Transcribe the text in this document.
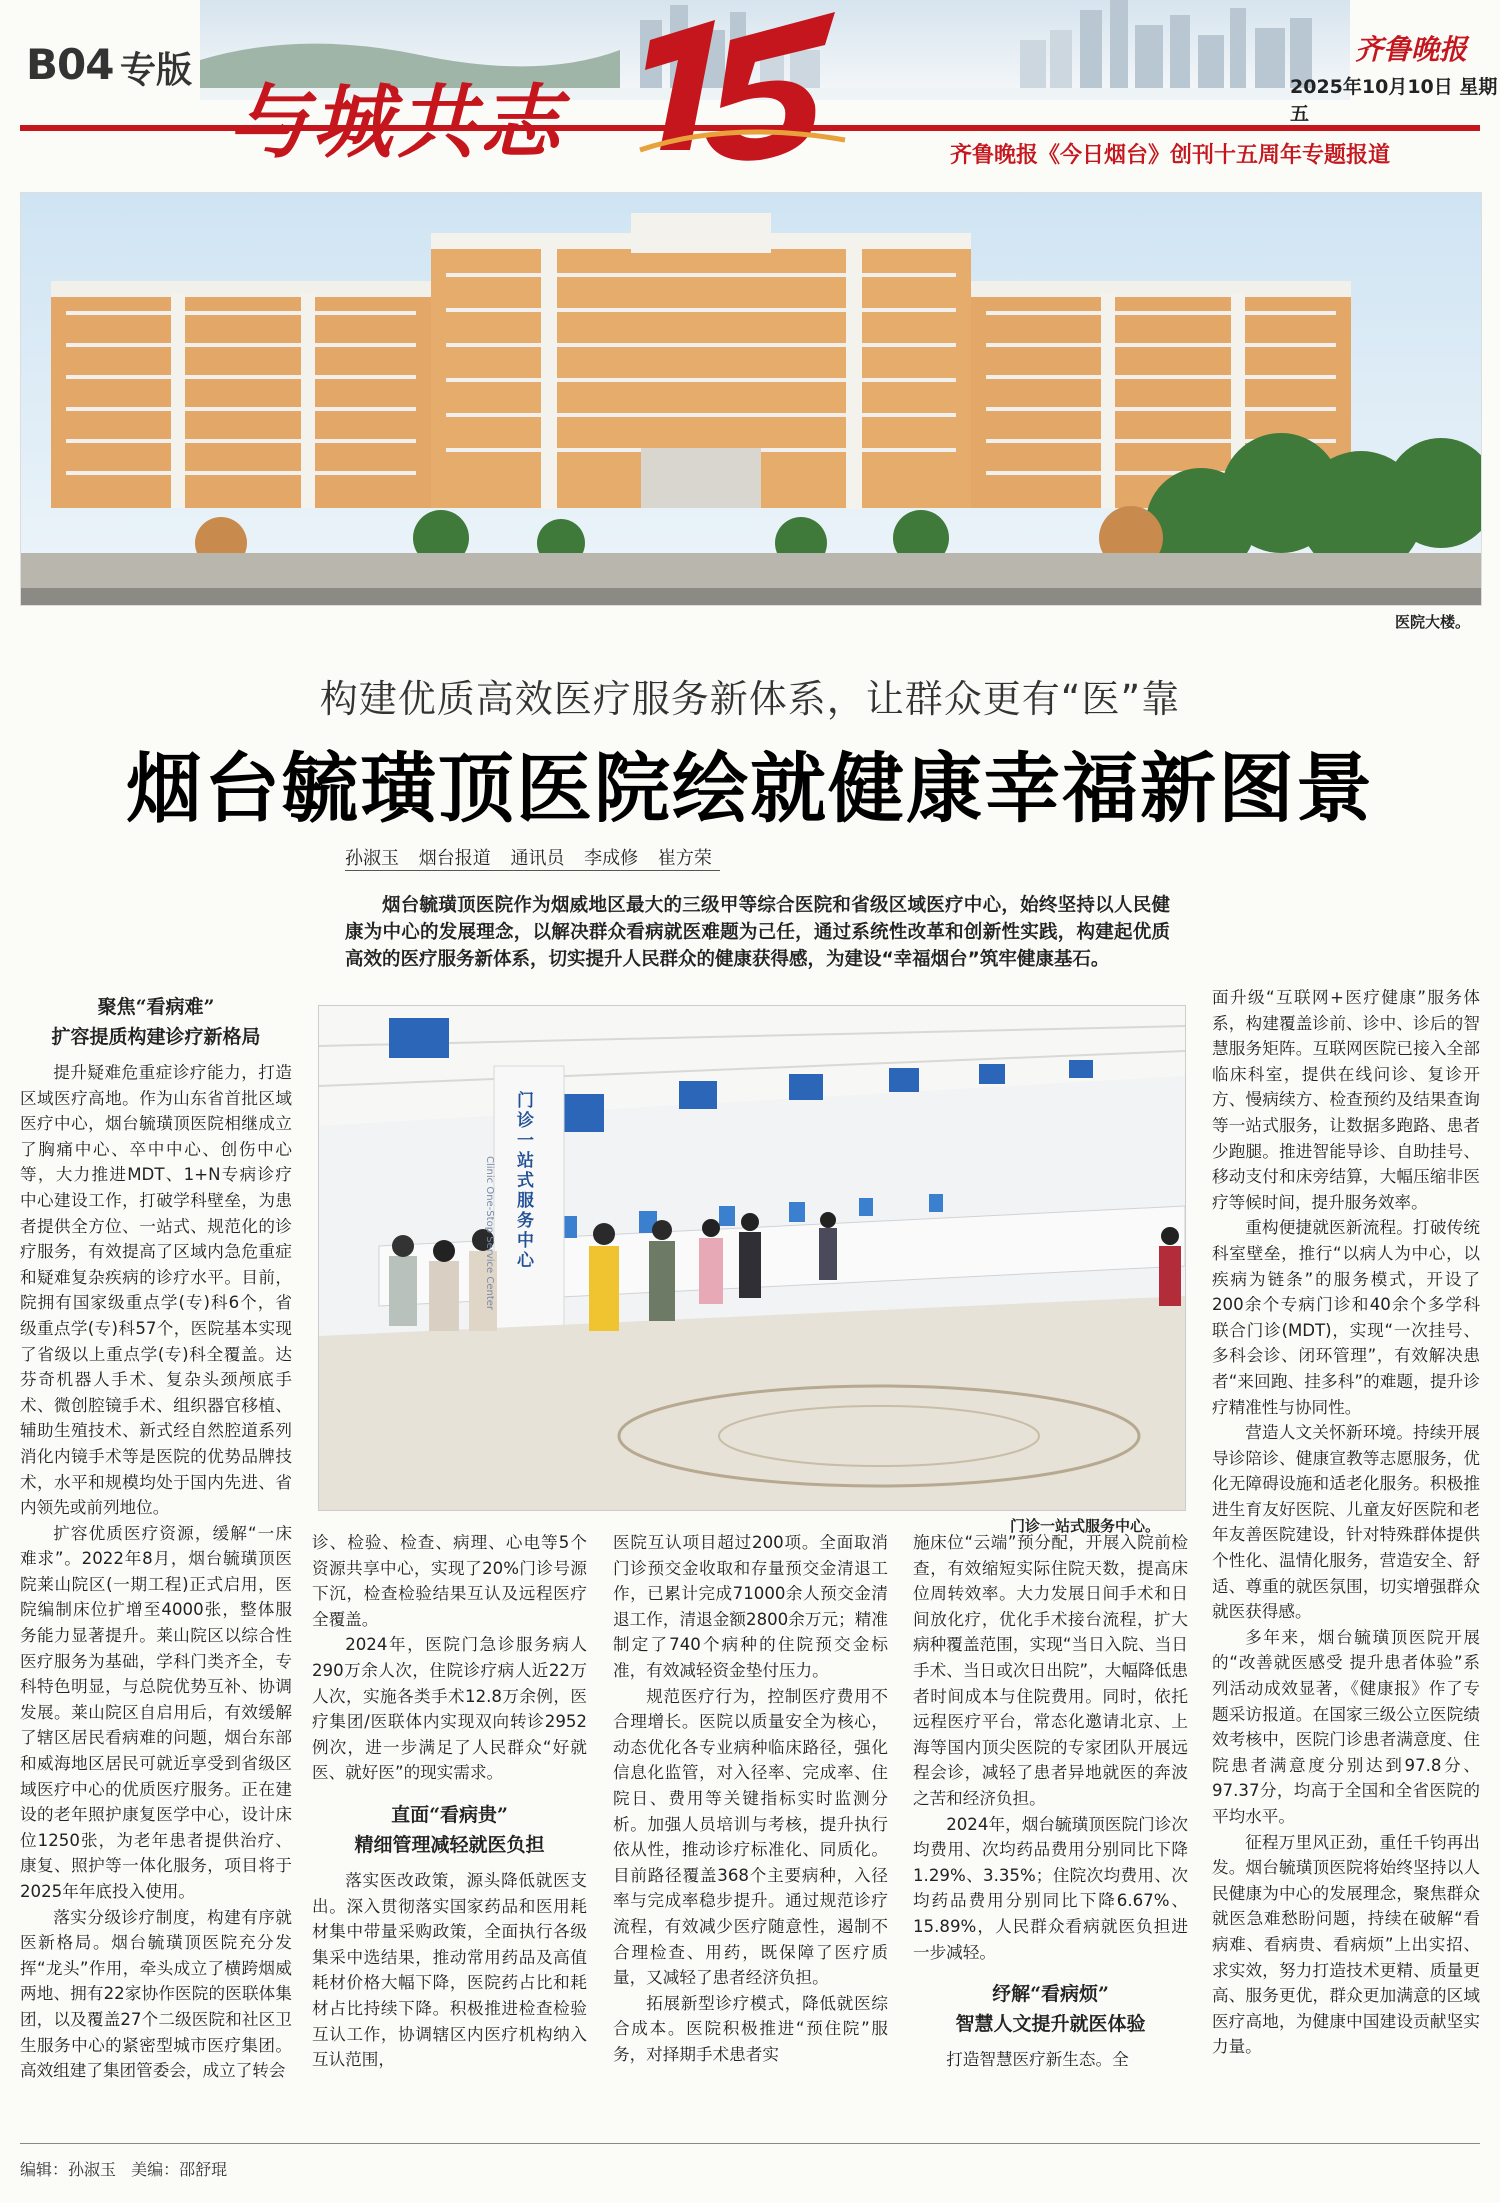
B04 专版
与城共志
齐鲁晚报
2025年10月10日 星期五
齐鲁晚报《今日烟台》创刊十五周年专题报道
医院大楼。
构建优质高效医疗服务新体系，让群众更有“医”靠
烟台毓璜顶医院绘就健康幸福新图景
孙淑玉 烟台报道 通讯员 李成修 崔方荣
烟台毓璜顶医院作为烟威地区最大的三级甲等综合医院和省级区域医疗中心，始终坚持以人民健康为中心的发展理念，以解决群众看病就医难题为己任，通过系统性改革和创新性实践，构建起优质高效的医疗服务新体系，切实提升人民群众的健康获得感，为建设“幸福烟台”筑牢健康基石。

聚焦“看病难”

扩容提质构建诊疗新格局

提升疑难危重症诊疗能力，打造区域医疗高地。作为山东省首批区域医疗中心，烟台毓璜顶医院相继成立了胸痛中心、卒中中心、创伤中心等，大力推进MDT、1+N专病诊疗中心建设工作，打破学科壁垒，为患者提供全方位、一站式、规范化的诊疗服务，有效提高了区域内急危重症和疑难复杂疾病的诊疗水平。目前，院拥有国家级重点学(专)科6个，省级重点学(专)科57个，医院基本实现了省级以上重点学(专)科全覆盖。达芬奇机器人手术、复杂头颈颅底手术、微创腔镜手术、组织器官移植、辅助生殖技术、新式经自然腔道系列消化内镜手术等是医院的优势品牌技术，水平和规模均处于国内先进、省内领先或前列地位。

扩容优质医疗资源，缓解“一床难求”。2022年8月，烟台毓璜顶医院莱山院区(一期工程)正式启用，医院编制床位扩增至4000张，整体服务能力显著提升。莱山院区以综合性医疗服务为基础，学科门类齐全，专科特色明显，与总院优势互补、协调发展。莱山院区自启用后，有效缓解了辖区居民看病难的问题，烟台东部和威海地区居民可就近享受到省级区域医疗中心的优质医疗服务。正在建设的老年照护康复医学中心，设计床位1250张，为老年患者提供治疗、康复、照护等一体化服务，项目将于2025年年底投入使用。

落实分级诊疗制度，构建有序就医新格局。烟台毓璜顶医院充分发挥“龙头”作用，牵头成立了横跨烟威两地、拥有22家协作医院的医联体集团，以及覆盖27个二级医院和社区卫生服务中心的紧密型城市医疗集团。高效组建了集团管委会，成立了转会

门诊一站式服务中心
Clinic One-Stop Service Center
门诊一站式服务中心。

诊、检验、检查、病理、心电等5个资源共享中心，实现了20%门诊号源下沉，检查检验结果互认及远程医疗全覆盖。

2024年，医院门急诊服务病人290万余人次，住院诊疗病人近22万人次，实施各类手术12.8万余例，医疗集团/医联体内实现双向转诊2952例次，进一步满足了人民群众“好就医、就好医”的现实需求。

直面“看病贵”

精细管理减轻就医负担

落实医改政策，源头降低就医支出。深入贯彻落实国家药品和医用耗材集中带量采购政策，全面执行各级集采中选结果，推动常用药品及高值耗材价格大幅下降，医院药占比和耗材占比持续下降。积极推进检查检验互认工作，协调辖区内医疗机构纳入互认范围，

医院互认项目超过200项。全面取消门诊预交金收取和存量预交金清退工作，已累计完成71000余人预交金清退工作，清退金额2800余万元；精准制定了740个病种的住院预交金标准，有效减轻资金垫付压力。

规范医疗行为，控制医疗费用不合理增长。医院以质量安全为核心，动态优化各专业病种临床路径，强化信息化监管，对入径率、完成率、住院日、费用等关键指标实时监测分析。加强人员培训与考核，提升执行依从性，推动诊疗标准化、同质化。目前路径覆盖368个主要病种，入径率与完成率稳步提升。通过规范诊疗流程，有效减少医疗随意性，遏制不合理检查、用药，既保障了医疗质量，又减轻了患者经济负担。

拓展新型诊疗模式，降低就医综合成本。医院积极推进“预住院”服务，对择期手术患者实

施床位“云端”预分配，开展入院前检查，有效缩短实际住院天数，提高床位周转效率。大力发展日间手术和日间放化疗，优化手术接台流程，扩大病种覆盖范围，实现“当日入院、当日手术、当日或次日出院”，大幅降低患者时间成本与住院费用。同时，依托远程医疗平台，常态化邀请北京、上海等国内顶尖医院的专家团队开展远程会诊，减轻了患者异地就医的奔波之苦和经济负担。

2024年，烟台毓璜顶医院门诊次均费用、次均药品费用分别同比下降1.29%、3.35%；住院次均费用、次均药品费用分别同比下降6.67%、15.89%，人民群众看病就医负担进一步减轻。

纾解“看病烦”

智慧人文提升就医体验

打造智慧医疗新生态。全

面升级“互联网+医疗健康”服务体系，构建覆盖诊前、诊中、诊后的智慧服务矩阵。互联网医院已接入全部临床科室，提供在线问诊、复诊开方、慢病续方、检查预约及结果查询等一站式服务，让数据多跑路、患者少跑腿。推进智能导诊、自助挂号、移动支付和床旁结算，大幅压缩非医疗等候时间，提升服务效率。

重构便捷就医新流程。打破传统科室壁垒，推行“以病人为中心，以疾病为链条”的服务模式，开设了200余个专病门诊和40余个多学科联合门诊(MDT)，实现“一次挂号、多科会诊、闭环管理”，有效解决患者“来回跑、挂多科”的难题，提升诊疗精准性与协同性。

营造人文关怀新环境。持续开展导诊陪诊、健康宣教等志愿服务，优化无障碍设施和适老化服务。积极推进生育友好医院、儿童友好医院和老年友善医院建设，针对特殊群体提供个性化、温情化服务，营造安全、舒适、尊重的就医氛围，切实增强群众就医获得感。

多年来，烟台毓璜顶医院开展的“改善就医感受 提升患者体验”系列活动成效显著，《健康报》作了专题采访报道。在国家三级公立医院绩效考核中，医院门诊患者满意度、住院患者满意度分别达到97.8分、97.37分，均高于全国和全省医院的平均水平。

征程万里风正劲，重任千钧再出发。烟台毓璜顶医院将始终坚持以人民健康为中心的发展理念，聚焦群众就医急难愁盼问题，持续在破解“看病难、看病贵、看病烦”上出实招、求实效，努力打造技术更精、质量更高、服务更优，群众更加满意的区域医疗高地，为健康中国建设贡献坚实力量。

编辑：孙淑玉 美编：邵舒琨
